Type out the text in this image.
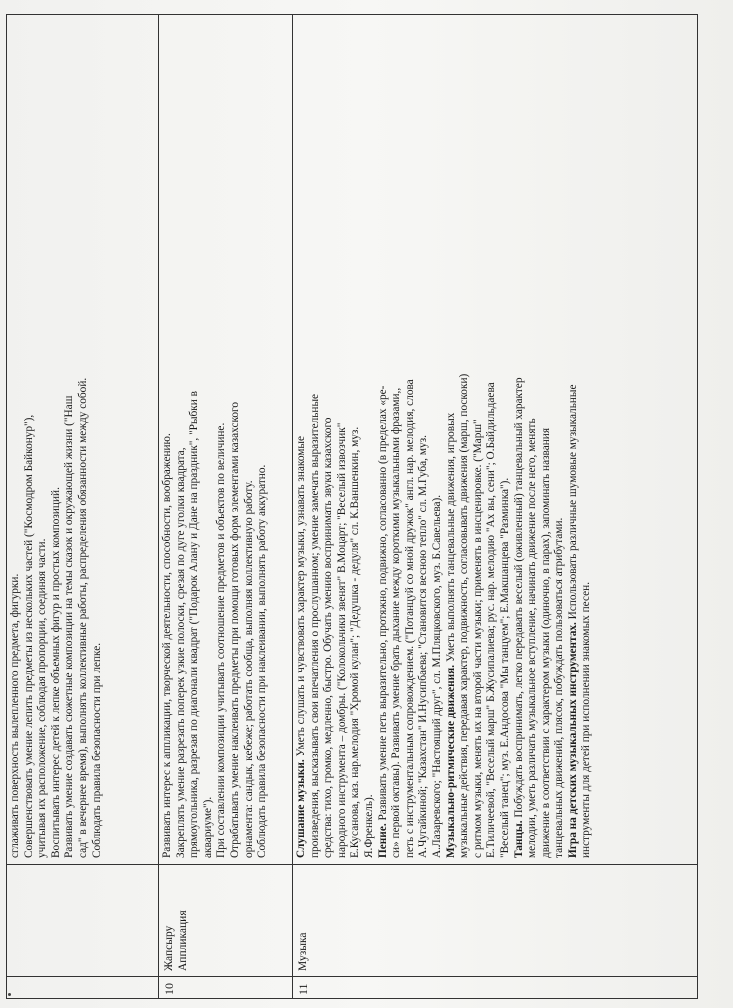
сглаживать поверхность вылепленного предмета, фигурки. Совершенствовать умение лепить предметы из нескольких частей ("Космодром Байконур"), учитывая их расположение, соблюдая пропорции, соединяя части. Воспитывать интерес детей к лепке объемных фигур и простых композиций. Развивать умение создавать сюжетные композиции на темы сказок и окружающей жизни ("Наш сад" в вечернее время), выполнять коллективные работы, распределения обязанности между собой. Соблюдать правила безопасности при лепке.

10
Жапсыру Аппликация

Развивать интерес к аппликации, творческой деятельности, способности, воображению. Закреплять умение разрезать поперек узкие полоски, срезая по дуге уголки квадрата, прямоугольника, разрезая по диагонали квадрат ("Подарок Алану и Дане на праздник", "Рыбки в аквариуме"). При составлении композиции учитывать соотношение предметов и объектов по величине. Отрабатывать умение наклеивать предметы при помощи готовых форм элементами казахского орнамента: сандык, кебеже; работать сообща, выполняя коллективную работу. Соблюдать правила безопасности при наклеивании, выполнять работу аккуратно.

11
Музыка

Слушание музыки. Уметь слушать и чувствовать характер музыки, узнавать знакомые произведения, высказывать свои впечатления о прослушанном; умение замечать выразительные средства: тихо, громко, медленно, быстро. Обучать умению воспринимать звуки казахского народного инструмента – домбры. ("Колокольчики звенят" В.Моцарт; "Веселый извозчик" Е.Кусанова, каз. нар.мелодия "Хромой кулан"; "Дедушка - дедуля" сл. К.Ваншенкин, муз. Я.Френкель). Пение. Развивать умение петь выразительно, протяжно, подвижно, согласованно (в пределах «ре- си» первой октавы). Развивать умение брать дыхание между короткими музыкальными фразами,, петь с инструментальным сопровождением. ("Потанцуй со мной дружок" англ. нар. мелодия, слова А.Чугайкиной; "Казахстан" И.Нусипбаева; "Становится весною тепло" сл. М.Губа, муз. А.Лазаревского; "Настоящий друг", сл. М.Пляцковского, муз. Б.Савельева). Музыкально-ритмические движения. Уметь выполнять танцевальные движения, игровых музыкальные действия, передавая характер, подвижность, согласовывать движения (марш, поскоки) с ритмом музыки, менять их на второй части музыки; применять в инсценировке. ("Марш" Е.Тиличеевой, "Веселый марш" Б.Жусипалиева; рус. нар. мелодию "Ах вы, сени"; О.Байдильдаева "Веселый танец"; муз. Е.Андосова "Мы танцуем"; Е.Макшанцева "Разминка"). Танцы. Побуждать воспринимать, легко передавать веселый (оживленный) танцевальный характер мелодии, уметь различать музыкальное вступление, начинать движение после него, менять движение в соответствии с характером музыки (одиночно, в парах), запоминать названия танцевальных движений, плясок, побуждать пользоваться атрибутами. Игра на детских музыкальных инструментах. Использовать различные шумовые музыкальные

инструменты для детей при исполнении знакомых песен.
